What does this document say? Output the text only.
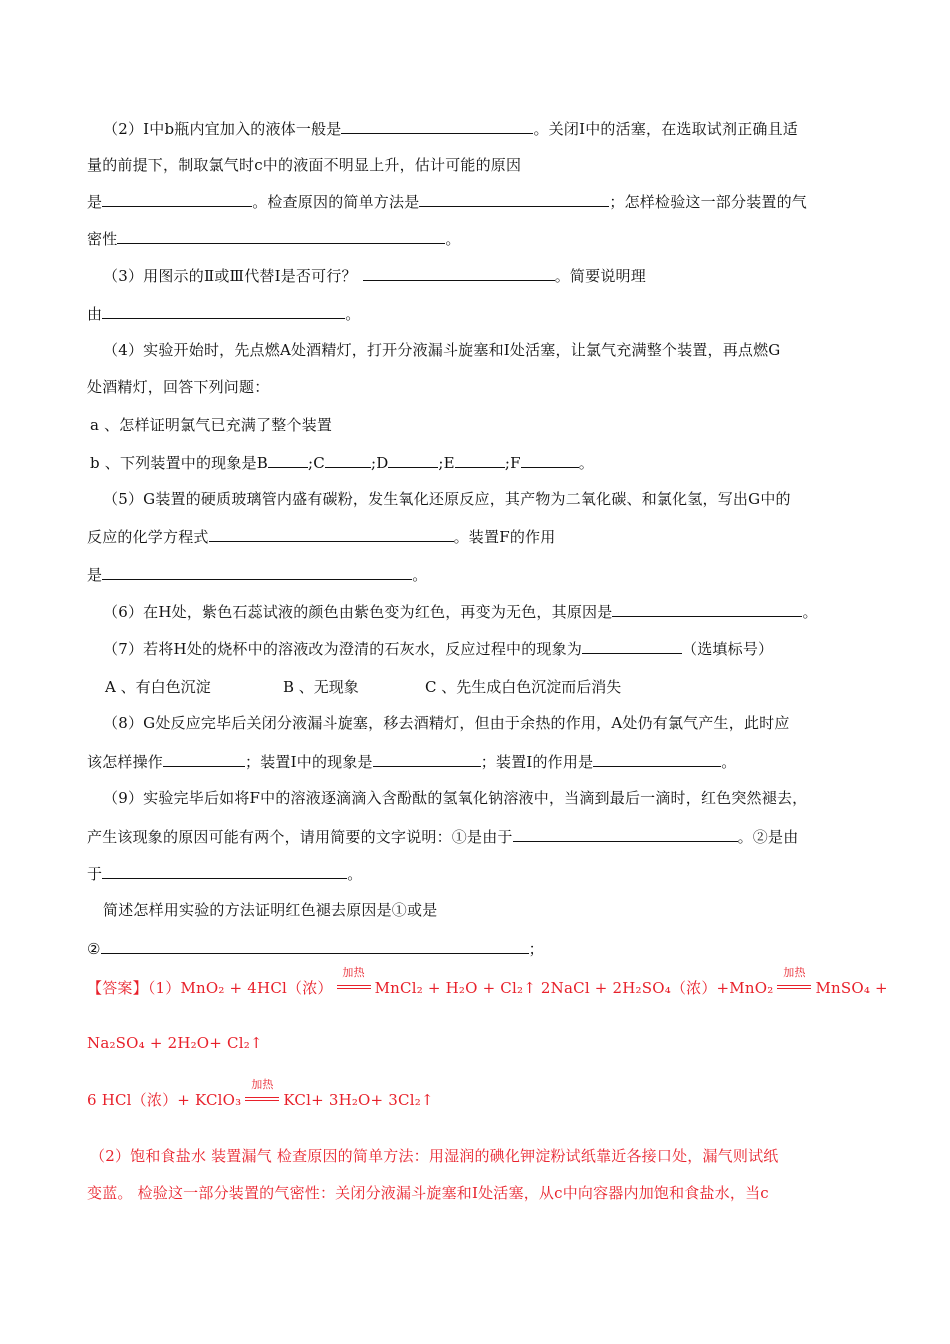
（2）Ⅰ中b瓶内宜加入的液体一般是	。关闭Ⅰ中的活塞，在选取试剂正确且适
量的前提下，制取氯气时c中的液面不明显上升，估计可能的原因
是	。检查原因的简单方法是	；怎样检验这一部分装置的气
密性	。
（3）用图示的Ⅱ或Ⅲ代替Ⅰ是否可行？	。简要说明理
由	。
（4）实验开始时，先点燃A处酒精灯，打开分液漏斗旋塞和Ⅰ处活塞，让氯气充满整个装置，再点燃G
处酒精灯，回答下列问题：
a 、怎样证明氯气已充满了整个装置
b 、下列装置中的现象是B	;C	;D	;E	;F	。
（5）G装置的硬质玻璃管内盛有碳粉，发生氧化还原反应，其产物为二氧化碳、和氯化氢，写出G中的
反应的化学方程式	。装置F的作用
是	。
（6）在H处，紫色石蕊试液的颜色由紫色变为红色，再变为无色，其原因是	。
（7）若将H处的烧杯中的溶液改为澄清的石灰水，反应过程中的现象为	（选填标号）
A 、有白色沉淀	B 、无现象	C 、先生成白色沉淀而后消失
（8）G处反应完毕后关闭分液漏斗旋塞，移去酒精灯，但由于余热的作用，A处仍有氯气产生，此时应
该怎样操作	；装置Ⅰ中的现象是	；装置Ⅰ的作用是	。
（9）实验完毕后如将F中的溶液逐滴滴入含酚酞的氢氧化钠溶液中，当滴到最后一滴时，红色突然褪去，
产生该现象的原因可能有两个，请用简要的文字说明：①是由于	。②是由
于	。
简述怎样用实验的方法证明红色褪去原因是①或是
②	；
【答案】（1）MnO₂ + 4HCl（浓）
加热
MnCl₂ + H₂O + Cl₂↑ 2NaCl + 2H₂SO₄（浓）+MnO₂
加热
MnSO₄ +
Na₂SO₄ + 2H₂O+ Cl₂↑
6 HCl（浓）+ KClO₃
加热
KCl+ 3H₂O+ 3Cl₂↑
（2）饱和食盐水 装置漏气 检查原因的简单方法：用湿润的碘化钾淀粉试纸靠近各接口处，漏气则试纸
变蓝。 检验这一部分装置的气密性：关闭分液漏斗旋塞和Ⅰ处活塞，从c中向容器内加饱和食盐水，当c
